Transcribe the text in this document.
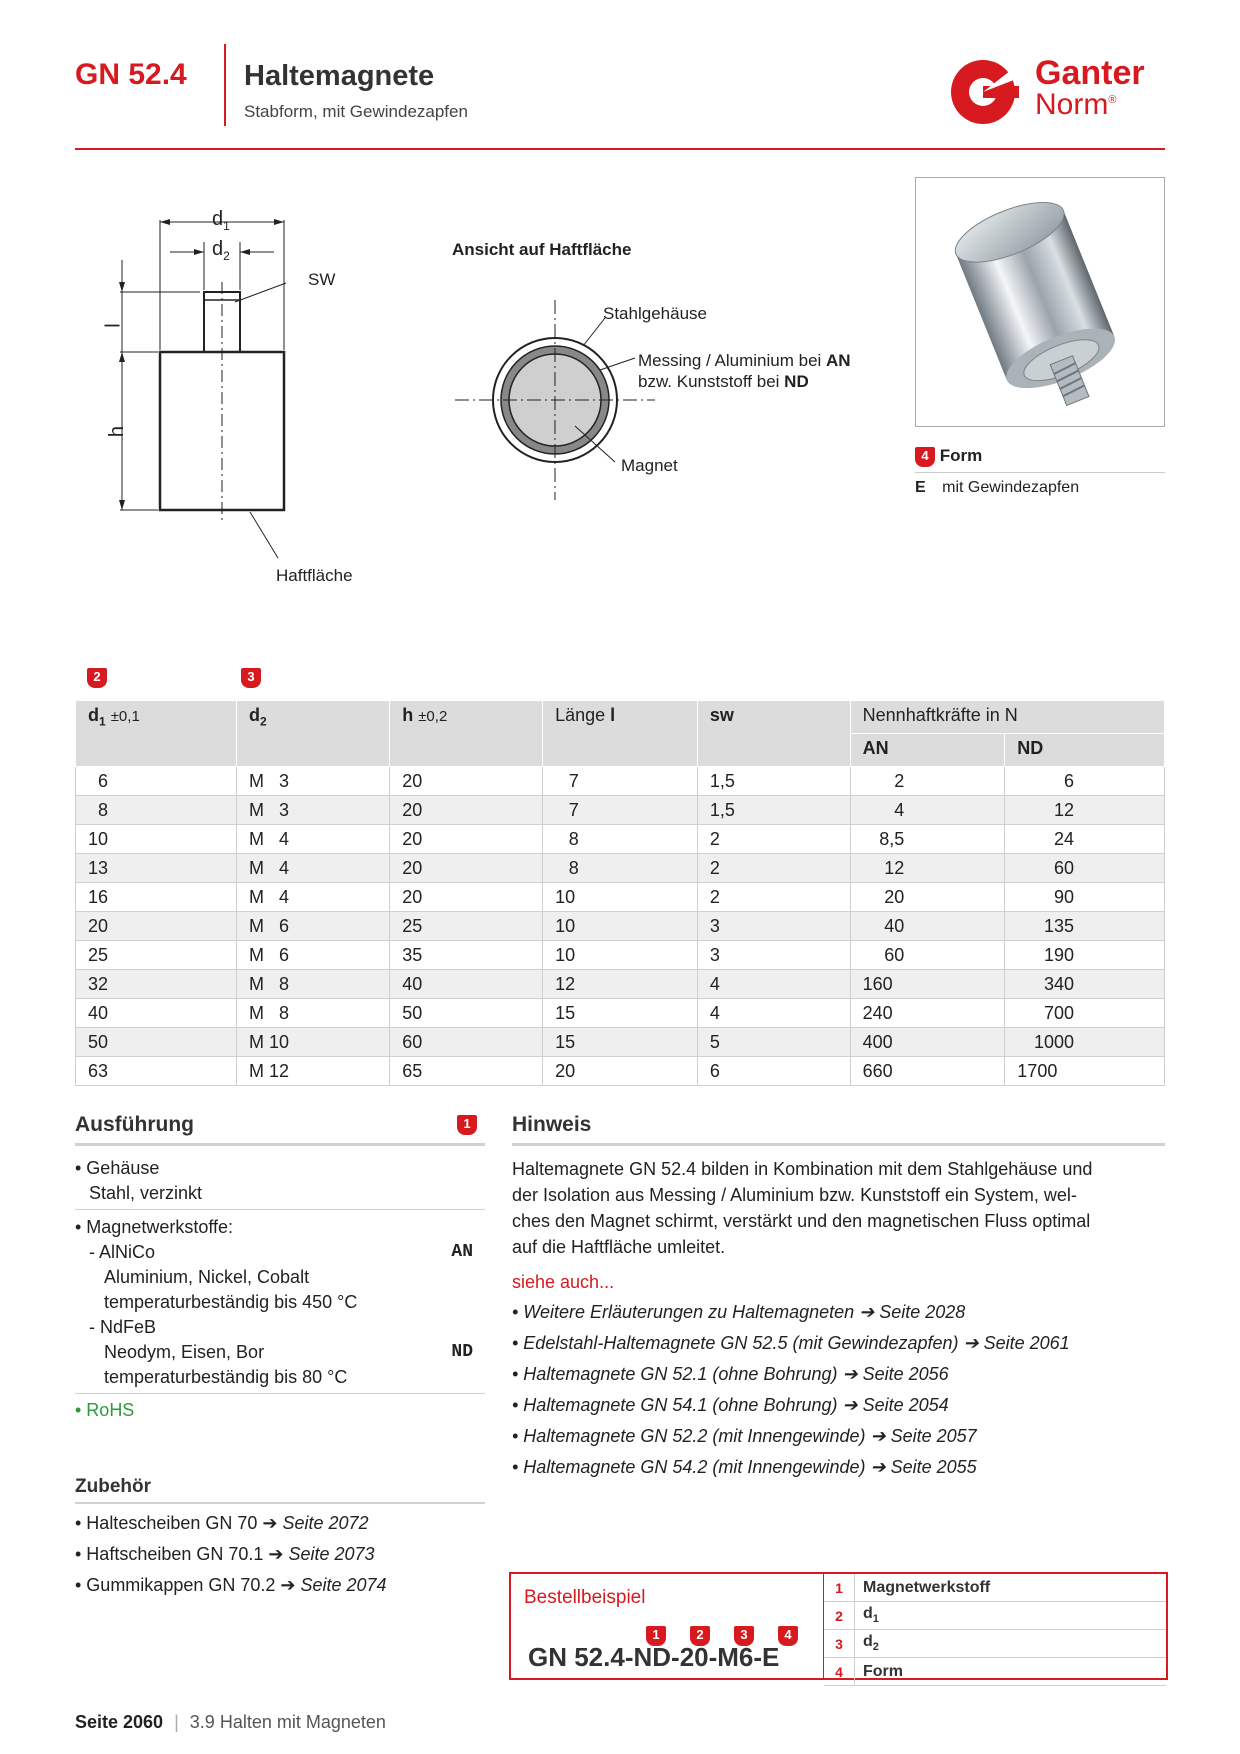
GN 52.4 Haltemagnete
Stabform, mit Gewindezapfen
Ganter
Norm®
$d_1$
$d_2$
SW
l
h
Haftfläche
Ansicht auf Haftfläche
Stahlgehäuse
Messing / Aluminium bei AN
bzw. Kunststoff bei ND
Magnet
4 Form
E mit Gewindezapfen
2	3
$d_1 \pm 0,1$	$d_2$	h ±0,2	Länge l	sw	Nennhaftkräfte in N	
					AN	ND
6	M   3	20	7	1,5	2	6
8	M   3	20	7	1,5	4	12
10	M   4	20	8	2	8,5	24
13	M   4	20	8	2	12	60
16	M   4	20	10	2	20	90
20	M   6	25	10	3	40	135
25	M   6	35	10	3	60	190
32	M   8	40	12	4	160	340
40	M   8	50	15	4	240	700
50	M 10	60	15	5	400	1000
63	M 12	65	20	6	660	1700
Ausführung	1
• Gehäuse
Stahl, verzinkt
• Magnetwerkstoffe:
- AlNiCo	AN
Aluminium, Nickel, Cobalt
temperaturbeständig bis 450 °C
- NdFeB
ND
Neodym, Eisen, Bor
temperaturbeständig bis 80 °C
• RoHS
Zubehör
• Haltescheiben GN 70 ➔ Seite 2072
• Haftscheiben GN 70.1 ➔ Seite 2073
• Gummikappen GN 70.2 ➔ Seite 2074
Hinweis
Haltemagnete GN 52.4 bilden in Kombination mit dem Stahlgehäuse und
der Isolation aus Messing / Aluminium bzw. Kunststoff ein System, wel-
ches den Magnet schirmt, verstärkt und den magnetischen Fluss optimal
auf die Haftfläche umleitet.
siehe auch...
• Weitere Erläuterungen zu Haltemagneten ➔ Seite 2028
• Edelstahl-Haltemagnete GN 52.5 (mit Gewindezapfen) ➔ Seite 2061
• Haltemagnete GN 52.1 (ohne Bohrung) ➔ Seite 2056
• Haltemagnete GN 54.1 (ohne Bohrung) ➔ Seite 2054
• Haltemagnete GN 52.2 (mit Innengewinde) ➔ Seite 2057
• Haltemagnete GN 54.2 (mit Innengewinde) ➔ Seite 2055
Bestellbeispiel
1	2	3	4
GN 52.4-ND-20-M6-E
1	Magnetwerkstoff
2	$d_1$
3	$d_2$
4	Form
Seite 2060 | 3.9 Halten mit Magneten
